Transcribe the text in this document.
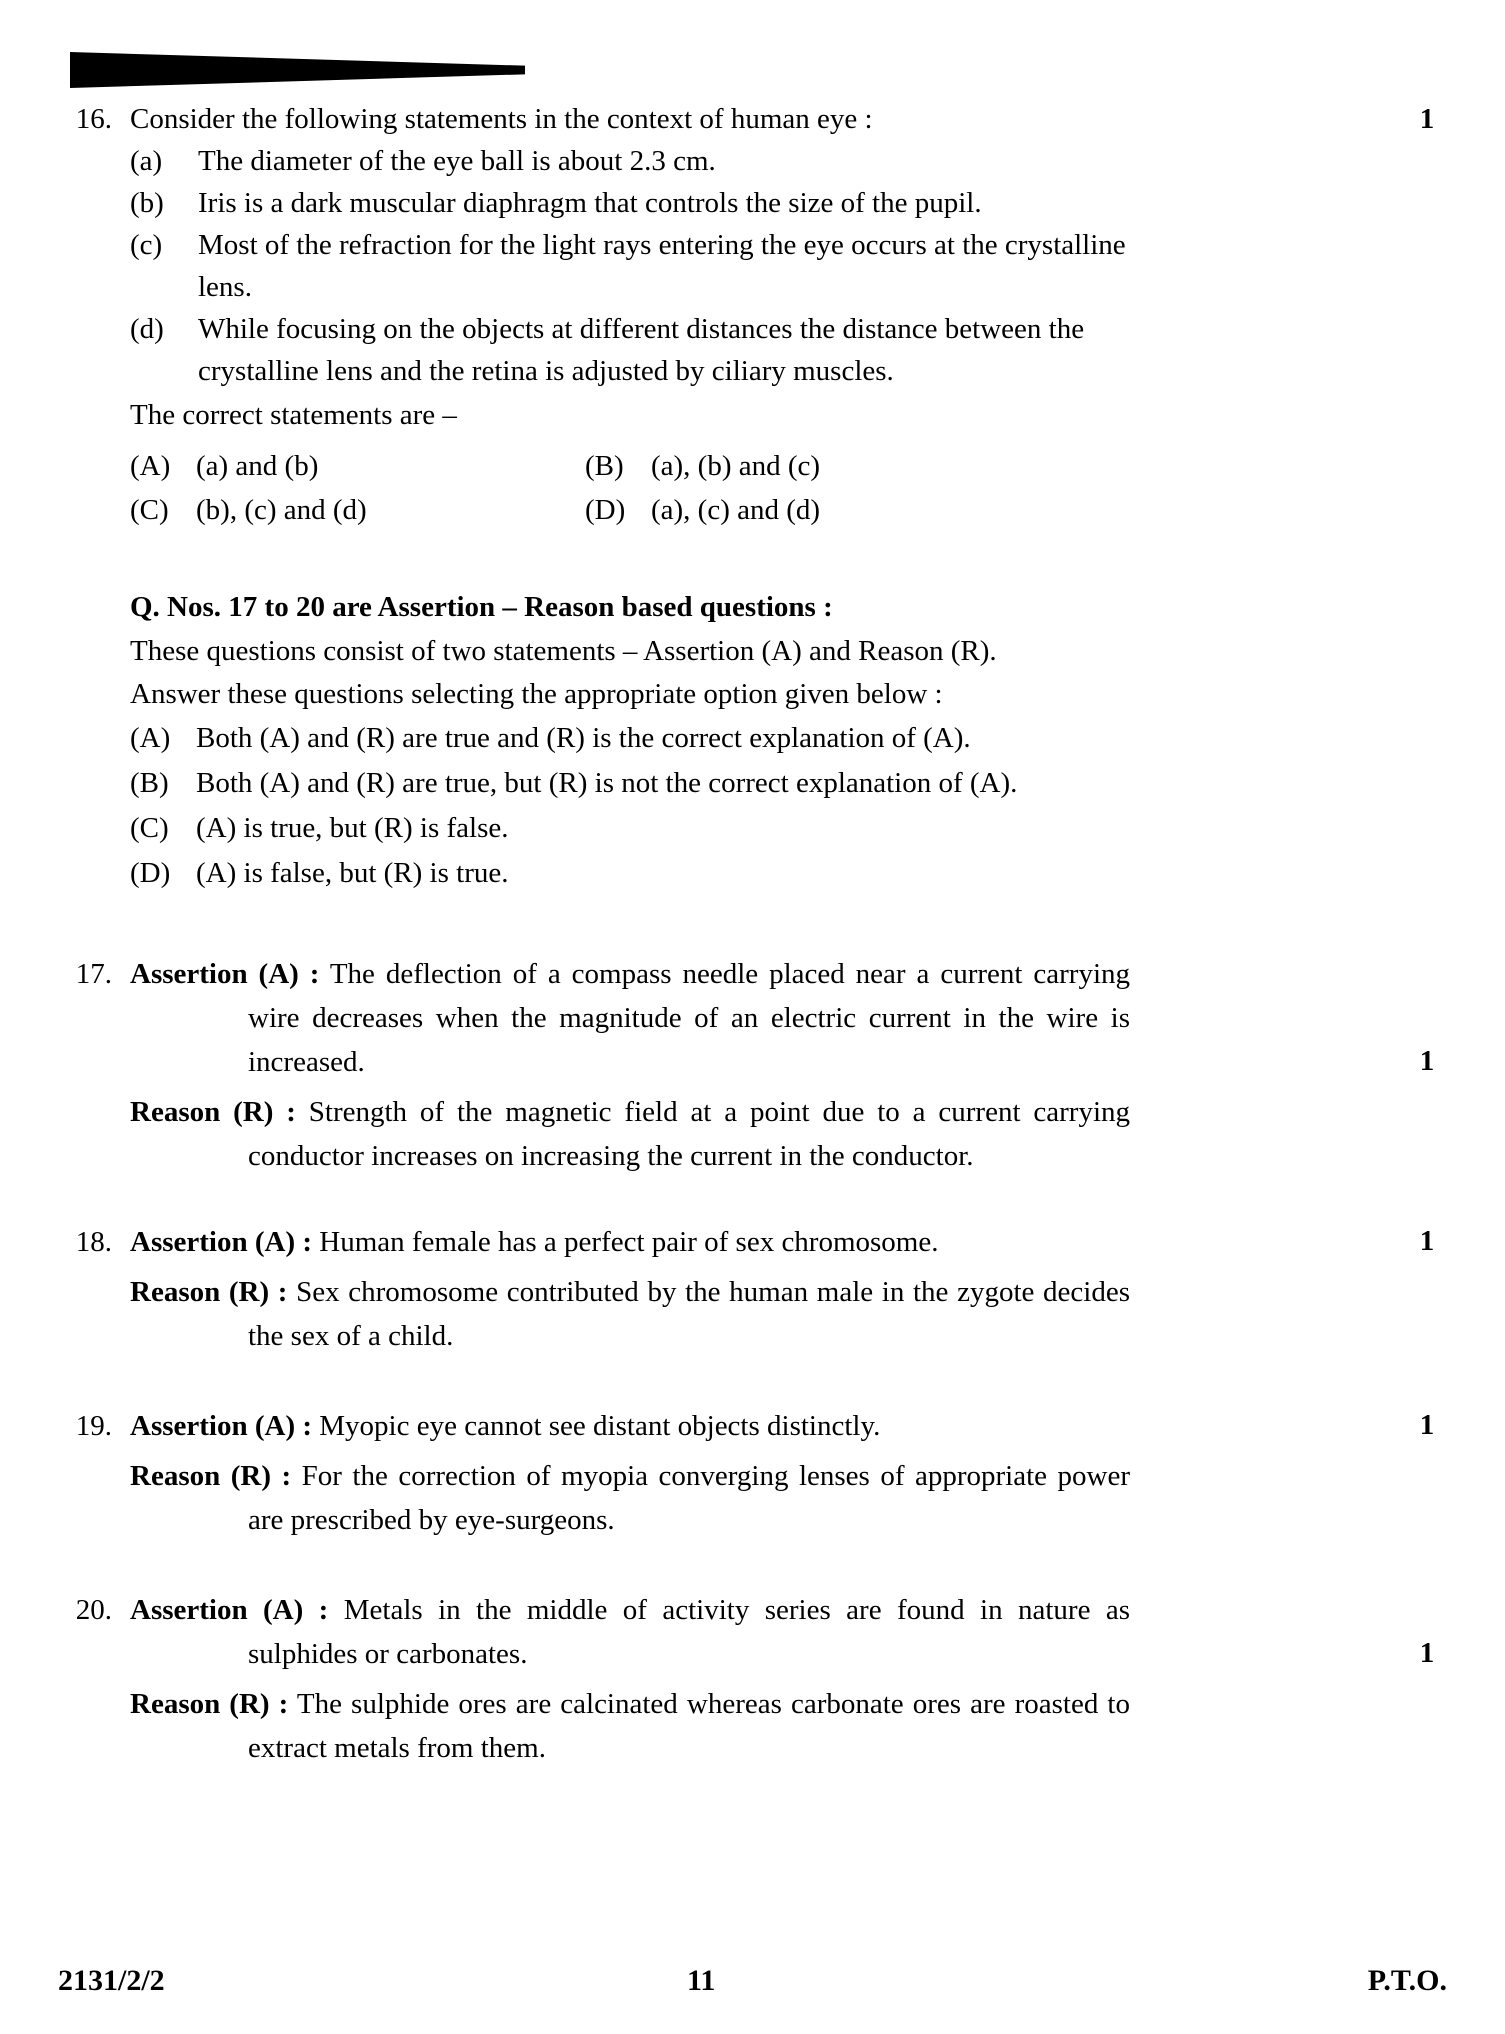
1
16. Consider the following statements in the context of human eye :
(a)	The diameter of the eye ball is about 2.3 cm.
(b)	Iris is a dark muscular diaphragm that controls the size of the pupil.
(c)	Most of the refraction for the light rays entering the eye occurs at the crystalline lens.
(d)	While focusing on the objects at different distances the distance between the crystalline lens and the retina is adjusted by ciliary muscles.
The correct statements are –
(A) (a) and (b)	(B) (a), (b) and (c)
(C) (b), (c) and (d)	(D) (a), (c) and (d)
Q. Nos. 17 to 20 are Assertion – Reason based questions :
These questions consist of two statements – Assertion (A) and Reason (R).
Answer these questions selecting the appropriate option given below :
(A) Both (A) and (R) are true and (R) is the correct explanation of (A).
(B) Both (A) and (R) are true, but (R) is not the correct explanation of (A).
(C) (A) is true, but (R) is false.
(D) (A) is false, but (R) is true.
1
17. Assertion (A) : The deflection of a compass needle placed near a current carrying wire decreases when the magnitude of an electric current in the wire is increased.
Reason (R) : Strength of the magnetic field at a point due to a current carrying conductor increases on increasing the current in the conductor.
1
18. Assertion (A) : Human female has a perfect pair of sex chromosome.
Reason (R) : Sex chromosome contributed by the human male in the zygote decides the sex of a child.
1
19. Assertion (A) : Myopic eye cannot see distant objects distinctly.
Reason (R) : For the correction of myopia converging lenses of appropriate power are prescribed by eye-surgeons.
1
20. Assertion (A) : Metals in the middle of activity series are found in nature as sulphides or carbonates.
Reason (R) : The sulphide ores are calcinated whereas carbonate ores are roasted to extract metals from them.
2131/2/2	11	P.T.O.
